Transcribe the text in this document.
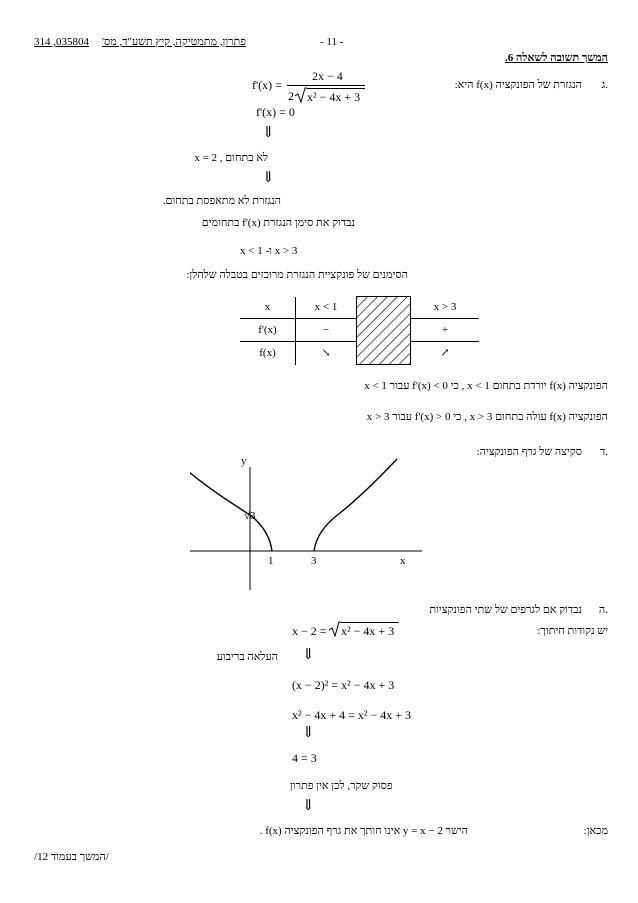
314 ,035804 פתרון, מתמטיקה, קיץ תשע"ד, מס'	- 11 -
המשך תשובה לשאלה 6.
ג.
הנגזרת של הפונקציה f(x) היא:
f'(x) =
2x − 4
2 x² − 4x + 3
f'(x) = 0
⇓
x = 2 , לא בתחום
⇓
הנגזרת לא מתאפסת בתחום.
נבדוק את סימן הנגזרת f'(x) בתחומים
x < 1 -ו x > 3
הסימנים של פונקציית הנגזרת מרוכזים בטבלה שלהלן:
x	x < 1		x > 3
f'(x)	−		+
f(x)	↘		↗
הפונקציה f(x) יורדת בתחום x < 1 , כי f'(x) < 0 עבור x < 1
הפונקציה f(x) עולה בתחום x > 3 , כי f'(x) > 0 עבור x > 3
ד.
סקיצה של גרף הפונקציה:
y
x
√3
1	3
ה.
נבדוק אם לגרפים של שתי הפונקציות
יש נקודות חיתוך:
x − 2 = x² − 4x + 3
⇓
העלאה בריבוע
(x − 2)² = x² − 4x + 3
x² − 4x + 4 = x² − 4x + 3
⇓
4 = 3
פסוק שקר, לכן אין פתרון
⇓
מכאן:
הישר y = x − 2 אינו חותך את גרף הפונקציה f(x) .
/המשך בעמוד 12/
